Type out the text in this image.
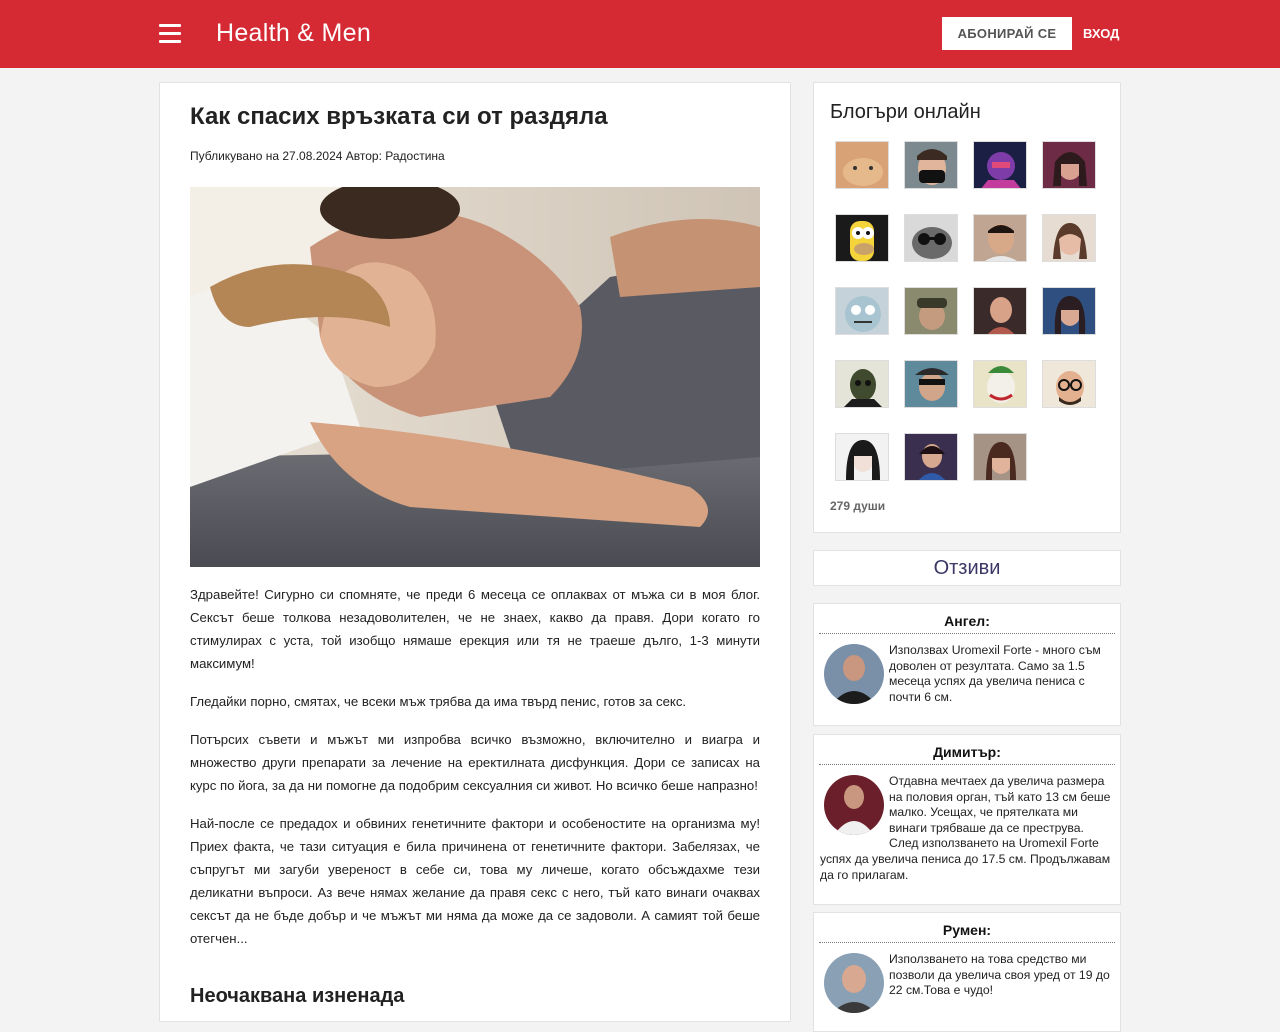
Health & Men	АБОНИРАЙ СЕ	ВХОД
Как спасих връзката си от раздяла
Публикувано на 27.08.2024 Автор: Радостина

Здравейте! Сигурно си спомняте, че преди 6 месеца се оплаквах от мъжа си в моя блог. Сексът беше толкова незадоволителен, че не знаех, какво да правя. Дори когато го стимулирах с уста, той изобщо нямаше ерекция или тя не траеше дълго, 1-3 минути максимум!

Гледайки порно, смятах, че всеки мъж трябва да има твърд пенис, готов за секс.

Потърсих съвети и мъжът ми изпробва всичко възможно, включително и виагра и множество други препарати за лечение на еректилната дисфункция. Дори се записах на курс по йога, за да ни помогне да подобрим сексуалния си живот. Но всичко беше напразно!

Най-после се предадох и обвиних генетичните фактори и особеностите на организма му! Приех факта, че тази ситуация е била причинена от генетичните фактори. Забелязах, че съпругът ми загуби увереност в себе си, това му личеше, когато обсъждахме тези деликатни въпроси. Аз вече нямах желание да правя секс с него, тъй като винаги очаквах сексът да не бъде добър и че мъжът ми няма да може да се задоволи. А самият той беше отегчен...

Неочаквана изненада
Блогъри онлайн
279 души
Отзиви
Ангел:
Използвах Uromexil Forte - много съм доволен от резултата. Само за 1.5 месеца успях да увелича пениса с почти 6 см.
Димитър:
Отдавна мечтаех да увелича размера на половия орган, тъй като 13 см беше малко. Усещах, че прятелката ми винаги трябваше да се преструва. След използването на Uromexil Forte успях да увелича пениса до 17.5 см. Продължавам да го прилагам.
Румен:
Използването на това средство ми позволи да увелича своя уред от 19 до 22 см.Това е чудо!
